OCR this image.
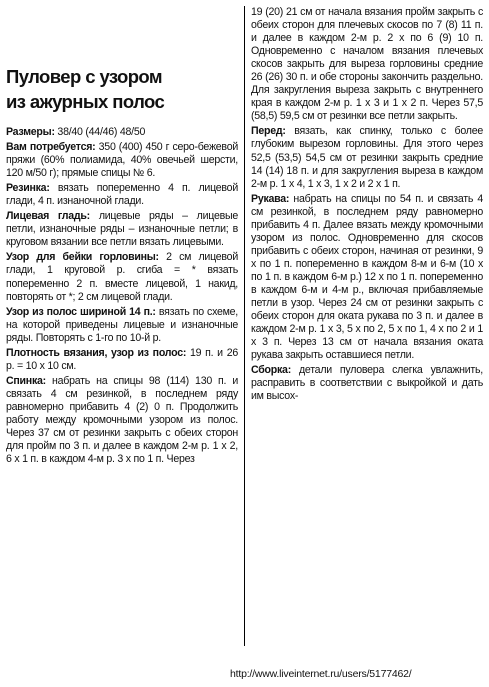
Пуловер с узором
из ажурных полос

Размеры: 38/40 (44/46) 48/50

Вам потребуется: 350 (400) 450 г серо-бежевой пряжи (60% полиамида, 40% овечьей шерсти, 120 м/50 г); прямые спицы № 6.

Резинка: вязать попеременно 4 п. лицевой глади, 4 п. изнаночной глади.

Лицевая гладь: лицевые ряды – лицевые петли, изнаночные ряды – изнаночные петли; в круговом вязании все петли вязать лицевыми.

Узор для бейки горловины: 2 см лицевой глади, 1 круговой р. сгиба = * вязать попеременно 2 п. вместе лицевой, 1 накид, повторять от *; 2 см лицевой глади.

Узор из полос шириной 14 п.: вязать по схеме, на которой приведены лицевые и изнаночные ряды. Повторять с 1-го по 10-й р.

Плотность вязания, узор из полос: 19 п. и 26 р. = 10 х 10 см.

Спинка: набрать на спицы 98 (114) 130 п. и связать 4 см резинкой, в последнем ряду равномерно прибавить 4 (2) 0 п. Продолжить работу между кромочными узором из полос. Через 37 см от резинки закрыть с обеих сторон для пройм по 3 п. и далее в каждом 2-м р. 1 х 2, 6 х 1 п. в каждом 4-м р. 3 х по 1 п. Через

19 (20) 21 см от начала вязания пройм закрыть с обеих сторон для плечевых скосов по 7 (8) 11 п. и далее в каждом 2-м р. 2 х по 6 (9) 10 п. Одновременно с началом вязания плечевых скосов закрыть для выреза горловины средние 26 (26) 30 п. и обе стороны закончить раздельно. Для закругления выреза закрыть с внутреннего края в каждом 2-м р. 1 х 3 и 1 х 2 п. Через 57,5 (58,5) 59,5 см от резинки все петли закрыть.

Перед: вязать, как спинку, только с более глубоким вырезом горловины. Для этого через 52,5 (53,5) 54,5 см от резинки закрыть средние 14 (14) 18 п. и для закругления выреза в каждом 2-м р. 1 х 4, 1 х 3, 1 х 2 и 2 х 1 п.

Рукава: набрать на спицы по 54 п. и связать 4 см резинкой, в последнем ряду равномерно прибавить 4 п. Далее вязать между кромочными узором из полос. Одновременно для скосов прибавить с обеих сторон, начиная от резинки, 9 х по 1 п. попеременно в каждом 8-м и 6-м (10 х по 1 п. в каждом 6-м р.) 12 х по 1 п. попеременно в каждом 6-м и 4-м р., включая прибавляемые петли в узор. Через 24 см от резинки закрыть с обеих сторон для оката рукава по 3 п. и далее в каждом 2-м р. 1 х 3, 5 х по 2, 5 х по 1, 4 х по 2 и 1 х 3 п. Через 13 см от начала вязания оката рукава закрыть оставшиеся петли.

Сборка: детали пуловера слегка увлажнить, расправить в соответствии с выкройкой и дать им высох-

http://www.liveinternet.ru/users/5177462/
